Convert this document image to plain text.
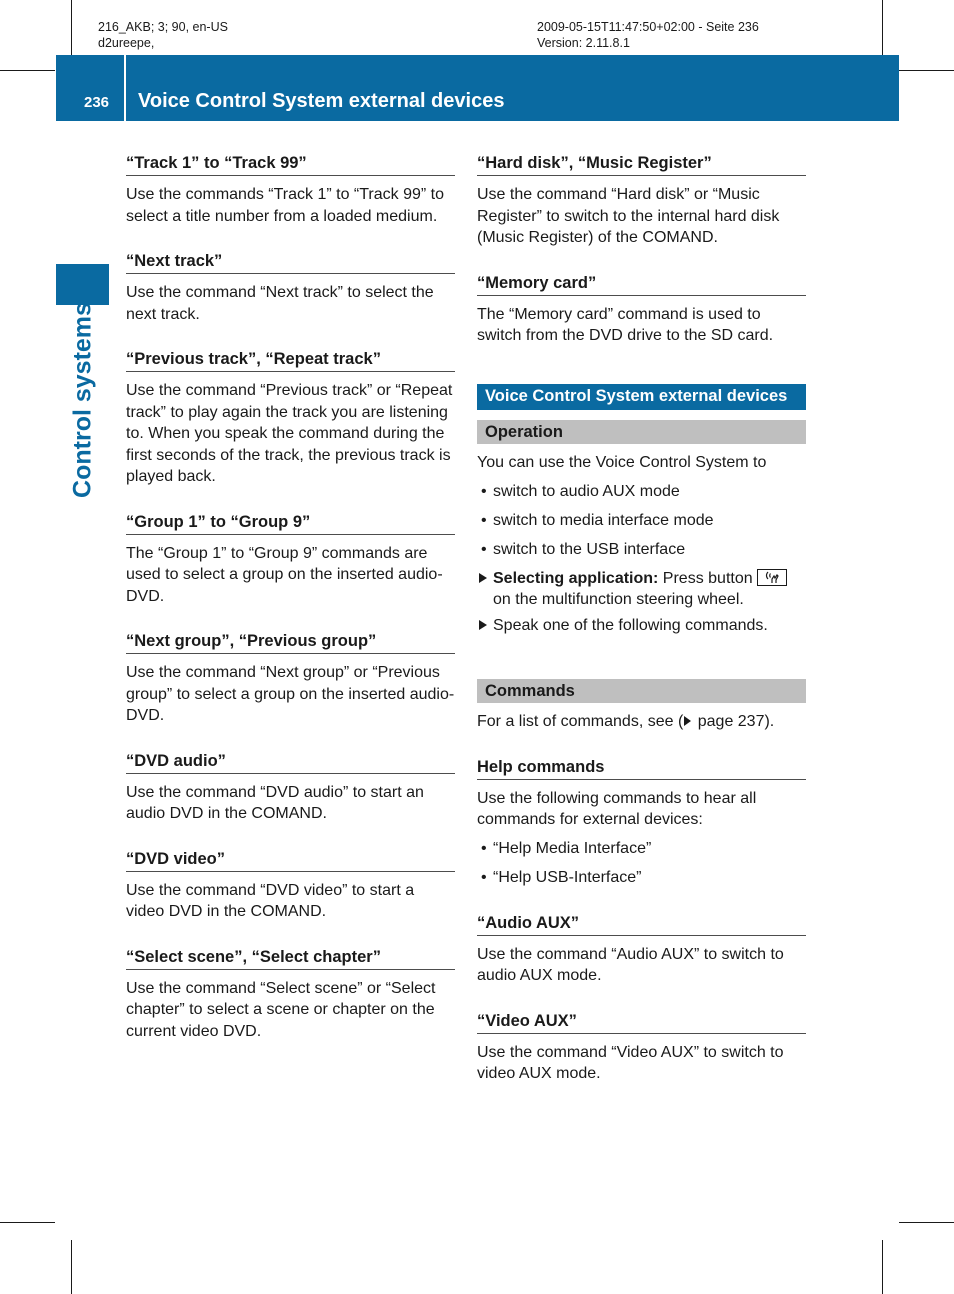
216_AKB; 3; 90, en-US
d2ureepe,
2009-05-15T11:47:50+02:00 - Seite 236
Version: 2.11.8.1
236 Voice Control System external devices
Control systems
“Track 1” to “Track 99”
Use the commands “Track 1” to “Track 99” to select a title number from a loaded medium.
“Next track”
Use the command “Next track” to select the next track.
“Previous track”, “Repeat track”
Use the command “Previous track” or “Repeat track” to play again the track you are listening to. When you speak the command during the first seconds of the track, the previous track is played back.
“Group 1” to “Group 9”
The “Group 1” to “Group 9” commands are used to select a group on the inserted audio-DVD.
“Next group”, “Previous group”
Use the command “Next group” or “Previous group” to select a group on the inserted audio-DVD.
“DVD audio”
Use the command “DVD audio” to start an audio DVD in the COMAND.
“DVD video”
Use the command “DVD video” to start a video DVD in the COMAND.
“Select scene”, “Select chapter”
Use the command “Select scene” or “Select chapter” to select a scene or chapter on the current video DVD.
“Hard disk”, “Music Register”
Use the command “Hard disk” or “Music Register” to switch to the internal hard disk (Music Register) of the COMAND.
“Memory card”
The “Memory card” command is used to switch from the DVD drive to the SD card.
Voice Control System external devices
Operation
You can use the Voice Control System to
• switch to audio AUX mode
• switch to media interface mode
• switch to the USB interface
Selecting application: Press button
on the multifunction steering wheel.
Speak one of the following commands.
Commands
For a list of commands, see ( page 237).
Help commands
Use the following commands to hear all commands for external devices:
• “Help Media Interface”
• “Help USB-Interface”
“Audio AUX”
Use the command “Audio AUX” to switch to audio AUX mode.
“Video AUX”
Use the command “Video AUX” to switch to video AUX mode.
